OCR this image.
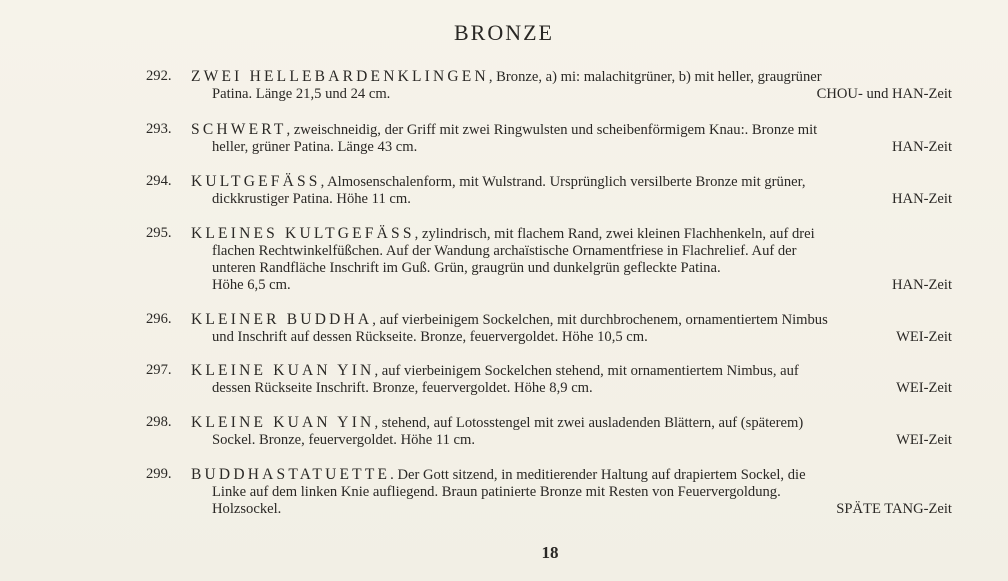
BRONZE
292.	ZWEI HELLEBARDENKLINGEN, Bronze, a) mi: malachitgrüner, b) mit heller, graugrüner
Patina. Länge 21,5 und 24 cm.	CHOU- und HAN-Zeit
293.	SCHWERT, zweischneidig, der Griff mit zwei Ringwulsten und scheibenförmigem Knau:. Bronze mit
heller, grüner Patina. Länge 43 cm.	HAN-Zeit
294.	KULTGEFÄSS, Almosenschalenform, mit Wulstrand. Ursprünglich versilberte Bronze mit grüner,
dickkrustiger Patina. Höhe 11 cm.	HAN-Zeit
295.	KLEINES KULTGEFÄSS, zylindrisch, mit flachem Rand, zwei kleinen Flachhenkeln, auf drei
flachen Rechtwinkelfüßchen. Auf der Wandung archaïstische Ornamentfriese in Flachrelief. Auf der
unteren Randfläche Inschrift im Guß. Grün, graugrün und dunkelgrün gefleckte Patina.
Höhe 6,5 cm.	HAN-Zeit
296.	KLEINER BUDDHA, auf vierbeinigem Sockelchen, mit durchbrochenem, ornamentiertem Nimbus
und Inschrift auf dessen Rückseite. Bronze, feuervergoldet. Höhe 10,5 cm.	WEI-Zeit
297.	KLEINE KUAN YIN, auf vierbeinigem Sockelchen stehend, mit ornamentiertem Nimbus, auf
dessen Rückseite Inschrift. Bronze, feuervergoldet. Höhe 8,9 cm.	WEI-Zeit
298.	KLEINE KUAN YIN, stehend, auf Lotosstengel mit zwei ausladenden Blättern, auf (späterem)
Sockel. Bronze, feuervergoldet. Höhe 11 cm.	WEI-Zeit
299.	BUDDHASTATUETTE. Der Gott sitzend, in meditierender Haltung auf drapiertem Sockel, die
Linke auf dem linken Knie aufliegend. Braun patinierte Bronze mit Resten von Feuervergoldung.
Holzsockel.	SPÄTE TANG-Zeit
18
